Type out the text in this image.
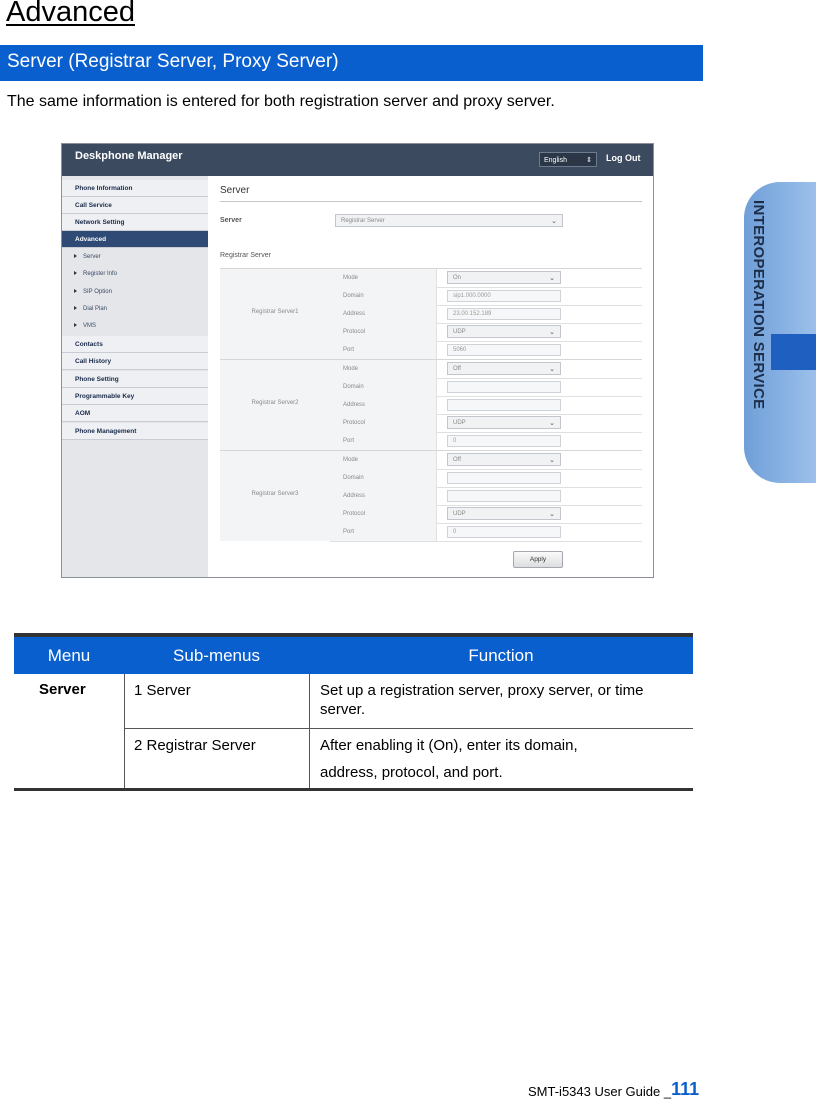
Advanced
Server (Registrar Server, Proxy Server)
The same information is entered for both registration server and proxy server.
INTEROPERATION SERVICE
Deskphone Manager	English	⇕ Log Out
Phone Information
Call Service
Network Setting
Advanced
Server
Register Info
SIP Option
Dial Plan
VMS
Contacts
Call History
Phone Setting
Programmable Key
AOM
Phone Management
Server
Server	Registrar Server	⌄
Registrar Server
Registrar Server1
Mode	On	⌄
Domain	sip1.000.0000
Address	23.00.152.189
Protocol	UDP	⌄
Port	5060
Registrar Server2
Mode	Off	⌄
Domain
Address
Protocol	UDP	⌄
Port	0
Registrar Server3
Mode	Off	⌄
Domain
Address
Protocol	UDP	⌄
Port	0
Apply
Menu	Sub-menus	Function
Server	1 Server	Set up a registration server, proxy server, or time
server.
2 Registrar Server	After enabling it (On), enter its domain,
address, protocol, and port.
SMT-i5343 User Guide _111
